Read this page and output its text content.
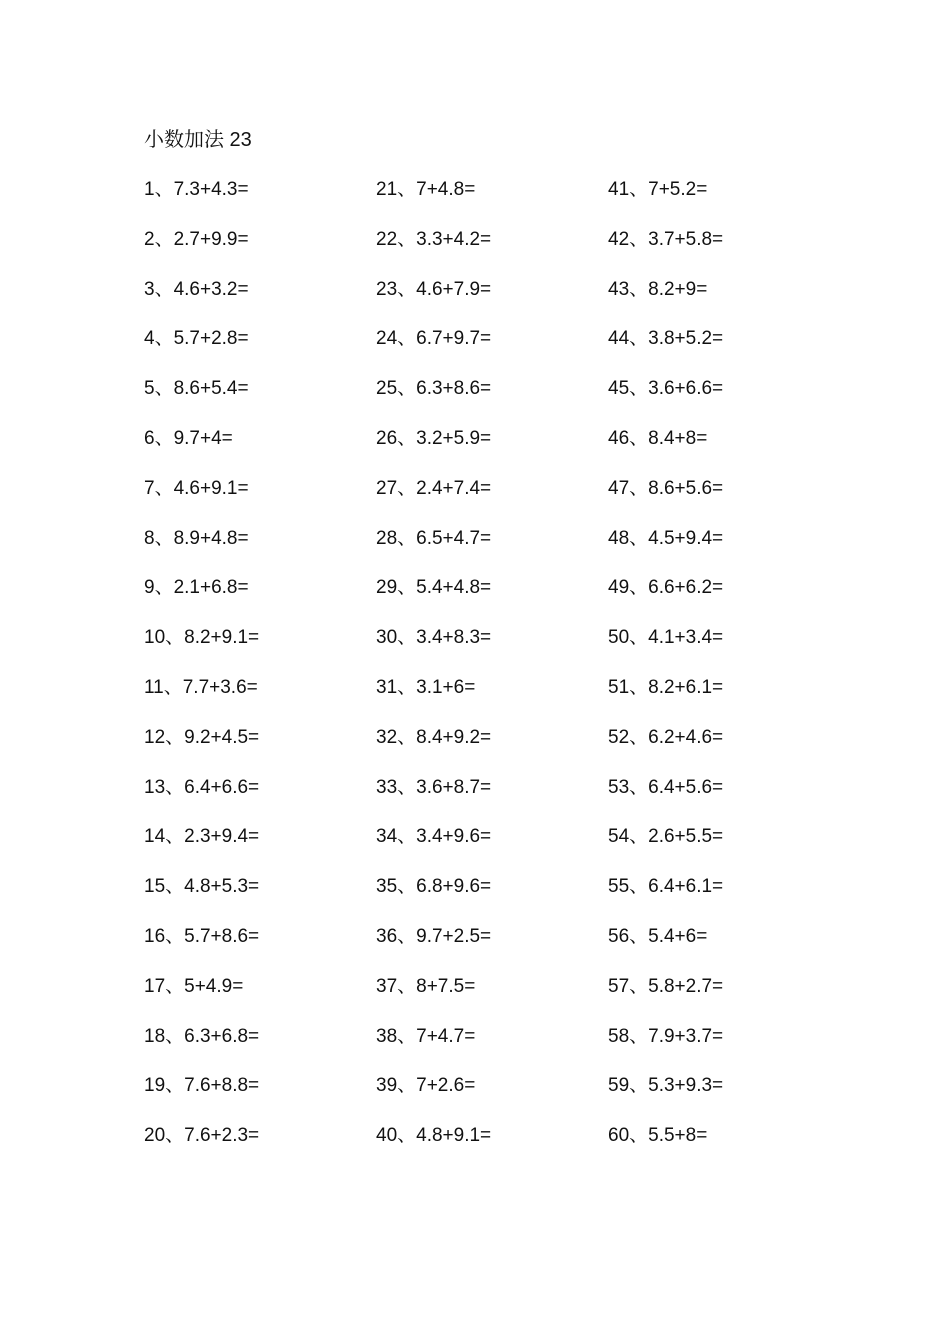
小数加法 23
1、7.3+4.3=
2、2.7+9.9=
3、4.6+3.2=
4、5.7+2.8=
5、8.6+5.4=
6、9.7+4=
7、4.6+9.1=
8、8.9+4.8=
9、2.1+6.8=
10、8.2+9.1=
11、7.7+3.6=
12、9.2+4.5=
13、6.4+6.6=
14、2.3+9.4=
15、4.8+5.3=
16、5.7+8.6=
17、5+4.9=
18、6.3+6.8=
19、7.6+8.8=
20、7.6+2.3=
21、7+4.8=
22、3.3+4.2=
23、4.6+7.9=
24、6.7+9.7=
25、6.3+8.6=
26、3.2+5.9=
27、2.4+7.4=
28、6.5+4.7=
29、5.4+4.8=
30、3.4+8.3=
31、3.1+6=
32、8.4+9.2=
33、3.6+8.7=
34、3.4+9.6=
35、6.8+9.6=
36、9.7+2.5=
37、8+7.5=
38、7+4.7=
39、7+2.6=
40、4.8+9.1=
41、7+5.2=
42、3.7+5.8=
43、8.2+9=
44、3.8+5.2=
45、3.6+6.6=
46、8.4+8=
47、8.6+5.6=
48、4.5+9.4=
49、6.6+6.2=
50、4.1+3.4=
51、8.2+6.1=
52、6.2+4.6=
53、6.4+5.6=
54、2.6+5.5=
55、6.4+6.1=
56、5.4+6=
57、5.8+2.7=
58、7.9+3.7=
59、5.3+9.3=
60、5.5+8=
